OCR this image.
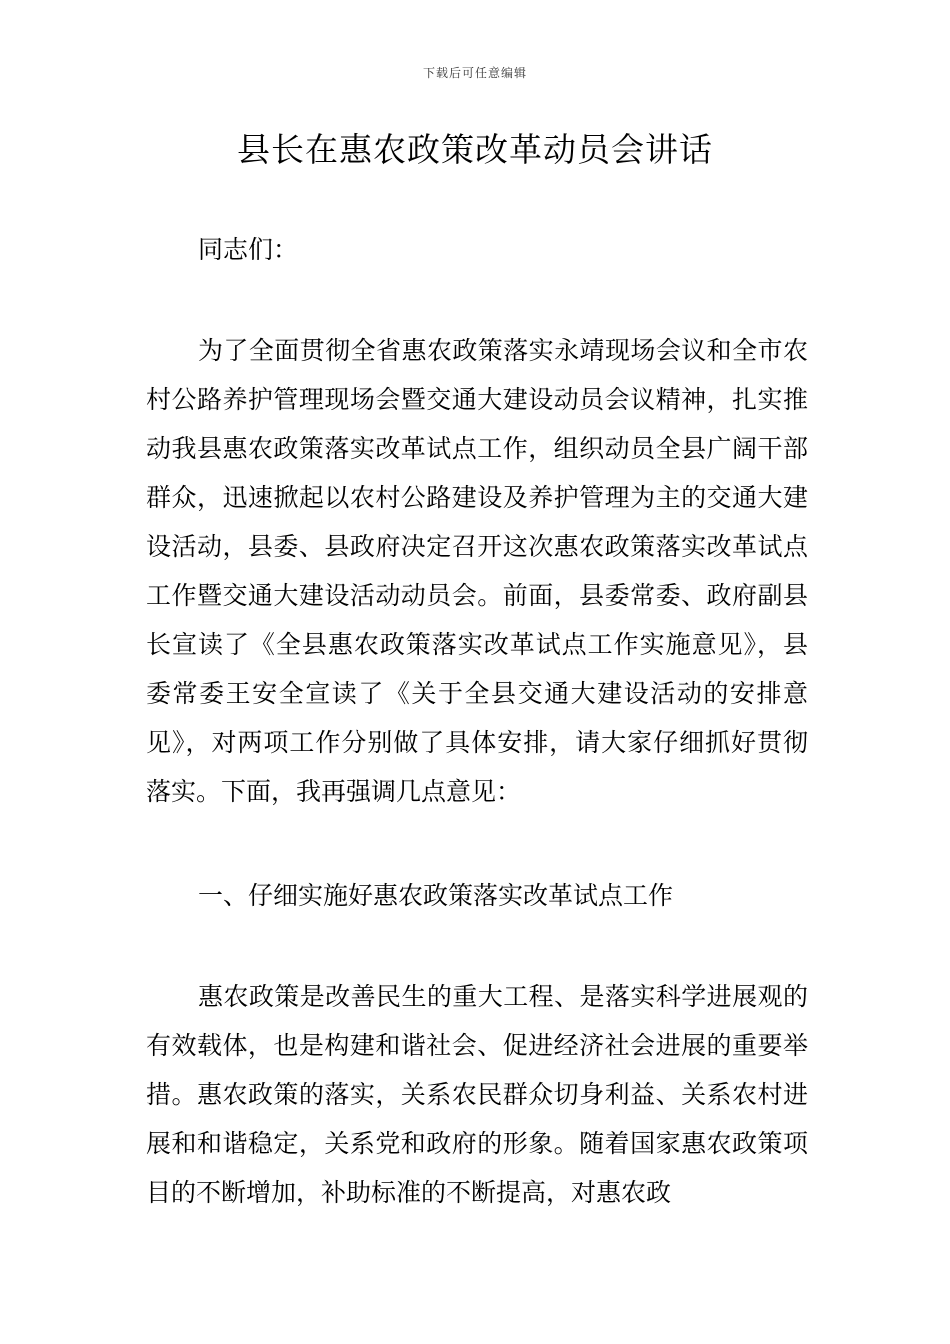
下载后可任意编辑
县长在惠农政策改革动员会讲话

同志们：

为了全面贯彻全省惠农政策落实永靖现场会议和全市农村公路养护管理现场会暨交通大建设动员会议精神，扎实推动我县惠农政策落实改革试点工作，组织动员全县广阔干部群众，迅速掀起以农村公路建设及养护管理为主的交通大建设活动，县委、县政府决定召开这次惠农政策落实改革试点工作暨交通大建设活动动员会。前面，县委常委、政府副县长宣读了《全县惠农政策落实改革试点工作实施意见》，县委常委王安全宣读了《关于全县交通大建设活动的安排意见》，对两项工作分别做了具体安排，请大家仔细抓好贯彻落实。下面，我再强调几点意见：

一、仔细实施好惠农政策落实改革试点工作

惠农政策是改善民生的重大工程、是落实科学进展观的有效载体，也是构建和谐社会、促进经济社会进展的重要举措。惠农政策的落实，关系农民群众切身利益、关系农村进展和和谐稳定，关系党和政府的形象。随着国家惠农政策项目的不断增加，补助标准的不断提高，对惠农政
